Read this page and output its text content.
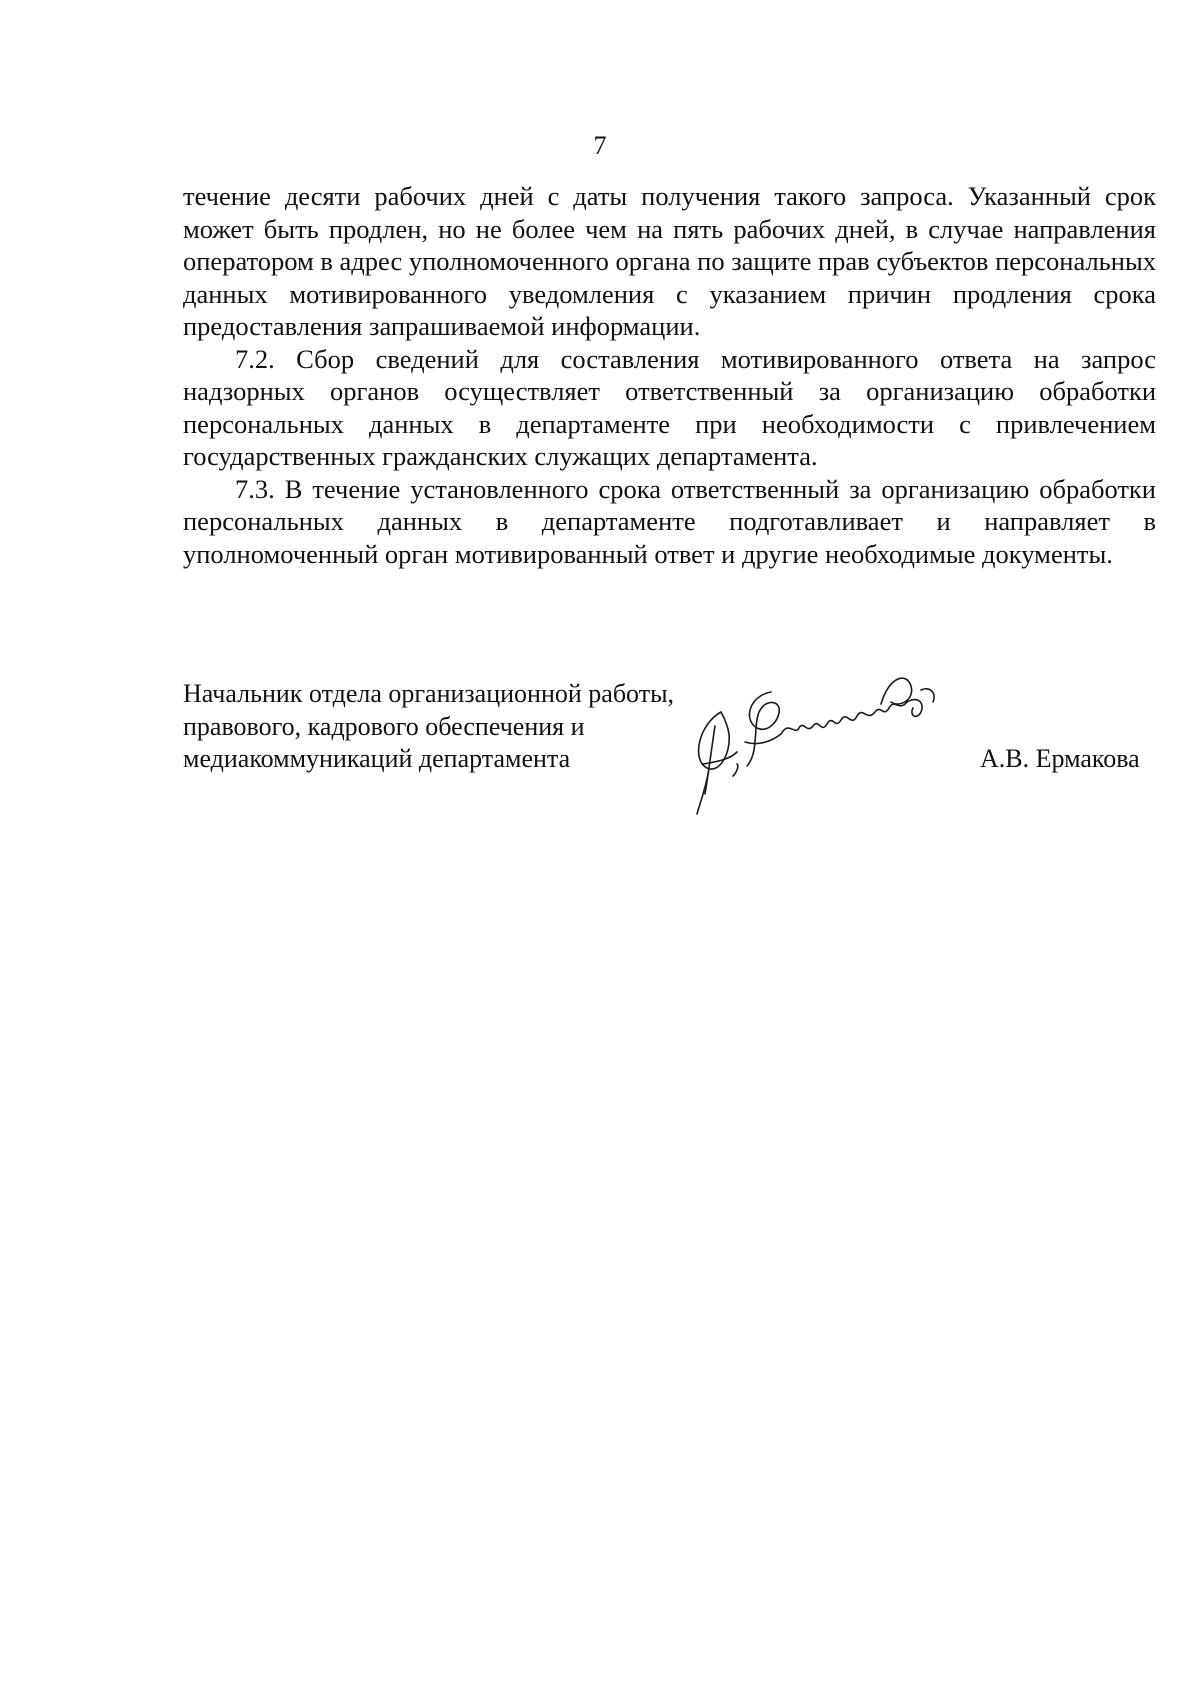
7

течение десяти рабочих дней с даты получения такого запроса. Указанный срок может быть продлен, но не более чем на пять рабочих дней, в случае направления оператором в адрес уполномоченного органа по защите прав субъектов персональных данных мотивированного уведомления с указанием причин продления срока предоставления запрашиваемой информации.

7.2. Сбор сведений для составления мотивированного ответа на запрос надзорных органов осуществляет ответственный за организацию обработки персональных данных в департаменте при необходимости с привлечением государственных гражданских служащих департамента.

7.3. В течение установленного срока ответственный за организацию обработки персональных данных в департаменте подготавливает и направляет в уполномоченный орган мотивированный ответ и другие необходимые документы.

Начальник отдела организационной работы,
правового, кадрового обеспечения и
медиакоммуникаций департамента	А.В. Ермакова
